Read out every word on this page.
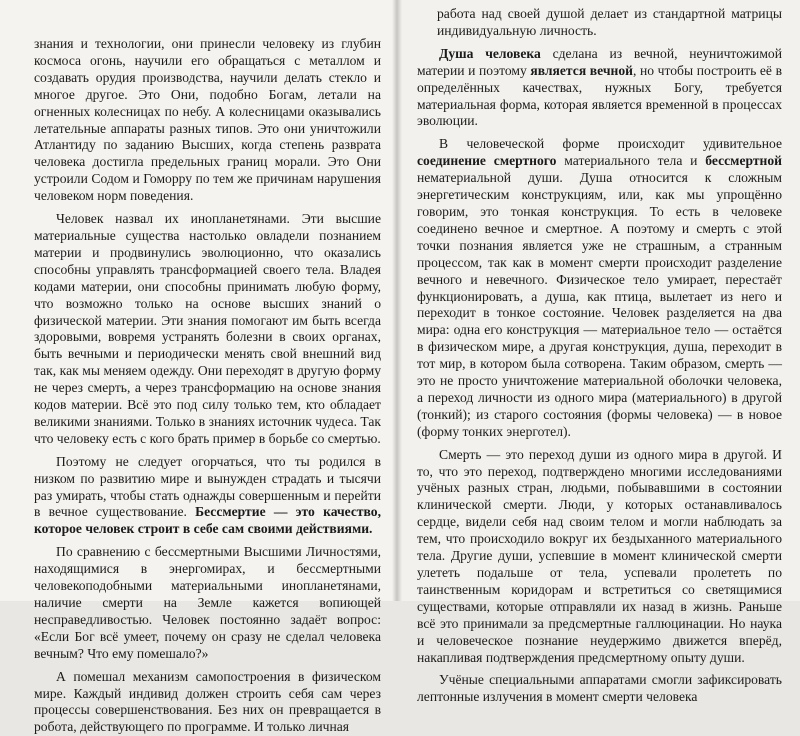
знания и технологии, они принесли человеку из глубин космоса огонь, научили его обращаться с металлом и создавать орудия производства, научили делать стекло и многое другое. Это Они, подобно Богам, летали на огненных колесницах по небу. А колесницами оказывались летательные аппараты разных типов. Это они уничтожили Атлантиду по заданию Высших, когда степень разврата человека достигла предельных границ морали. Это Они устроили Содом и Гоморру по тем же причинам нарушения человеком норм поведения.

Человек назвал их инопланетянами. Эти высшие материальные существа настолько овладели познанием материи и продвинулись эволюционно, что оказались способны управлять трансформацией своего тела. Владея кодами материи, они способны принимать любую форму, что возможно только на основе высших знаний о физической материи. Эти знания помогают им быть всегда здоровыми, вовремя устранять болезни в своих органах, быть вечными и периодически менять свой внешний вид так, как мы меняем одежду. Они переходят в другую форму не через смерть, а через трансформацию на основе знания кодов материи. Всё это под силу только тем, кто обладает великими знаниями. Только в знаниях источник чудеса. Так что человеку есть с кого брать пример в борьбе со смертью.

Поэтому не следует огорчаться, что ты родился в низком по развитию мире и вынужден страдать и тысячи раз умирать, чтобы стать однажды совершенным и перейти в вечное существование. Бессмертие — это качество, которое человек строит в себе сам своими действиями.

По сравнению с бессмертными Высшими Личностями, находящимися в энергомирах, и бессмертными человекоподобными материальными инопланетянами, наличие смерти на Земле кажется вопиющей несправедливостью. Человек постоянно задаёт вопрос: «Если Бог всё умеет, почему он сразу не сделал человека вечным? Что ему помешало?»

А помешал механизм самопостроения в физическом мире. Каждый индивид должен строить себя сам через процессы совершенствования. Без них он превращается в робота, действующего по программе. И только личная

работа над своей душой делает из стандартной матрицы индивидуальную личность.

Душа человека сделана из вечной, неуничтожимой материи и поэтому является вечной, но чтобы построить её в определённых качествах, нужных Богу, требуется материальная форма, которая является временной в процессах эволюции.

В человеческой форме происходит удивительное соединение смертного материального тела и бессмертной нематериальной души. Душа относится к сложным энергетическим конструкциям, или, как мы упрощённо говорим, это тонкая конструкция. То есть в человеке соединено вечное и смертное. А поэтому и смерть с этой точки познания является уже не страшным, а странным процессом, так как в момент смерти происходит разделение вечного и невечного. Физическое тело умирает, перестаёт функционировать, а душа, как птица, вылетает из него и переходит в тонкое состояние. Человек разделяется на два мира: одна его конструкция — материальное тело — остаётся в физическом мире, а другая конструкция, душа, переходит в тот мир, в котором была сотворена. Таким образом, смерть — это не просто уничтожение материальной оболочки человека, а переход личности из одного мира (материального) в другой (тонкий); из старого состояния (формы человека) — в новое (форму тонких энерготел).

Смерть — это переход души из одного мира в другой. И то, что это переход, подтверждено многими исследованиями учёных разных стран, людьми, побывавшими в состоянии клинической смерти. Люди, у которых останавливалось сердце, видели себя над своим телом и могли наблюдать за тем, что происходило вокруг их бездыханного материального тела. Другие души, успевшие в момент клинической смерти улететь подальше от тела, успевали пролететь по таинственным коридорам и встретиться со светящимися существами, которые отправляли их назад в жизнь. Раньше всё это принимали за предсмертные галлюцинации. Но наука и человеческое познание неудержимо движется вперёд, накапливая подтверждения предсмертному опыту души.

Учёные специальными аппаратами смогли зафиксировать лептонные излучения в момент смерти человека
